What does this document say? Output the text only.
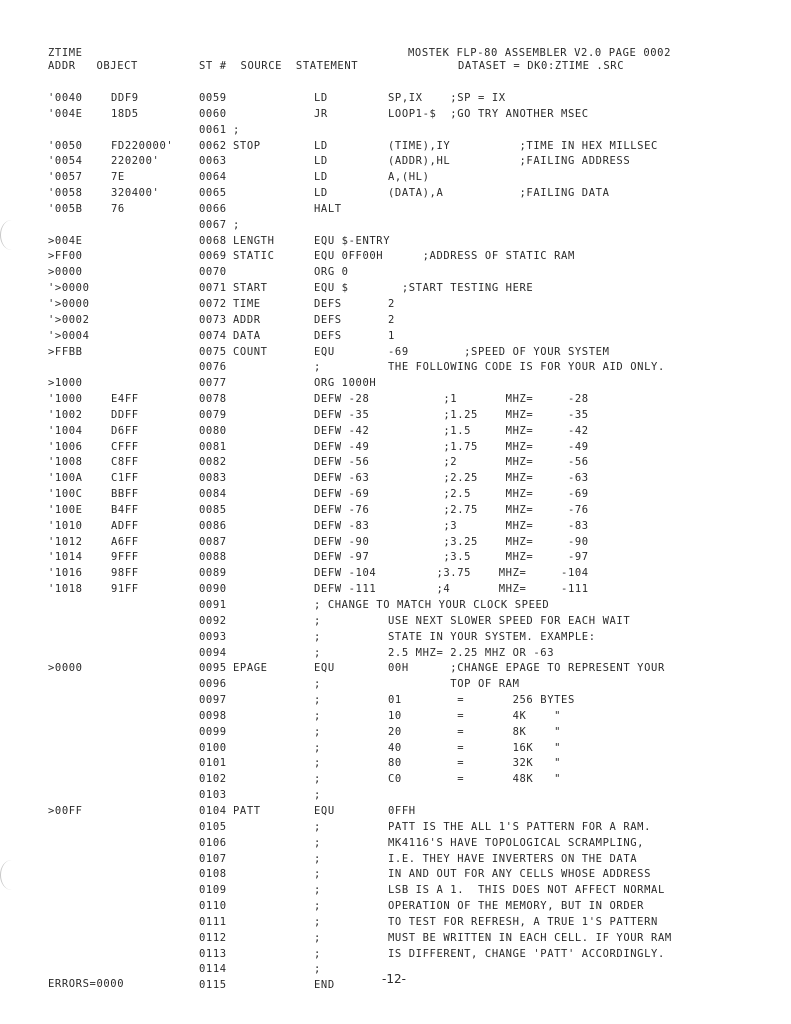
ZTIME
ADDR   OBJECT	ST #  SOURCE  STATEMENT
MOSTEK FLP-80 ASSEMBLER V2.0 PAGE 0002
DATASET = DK0:ZTIME .SRC
'0040	DDF9	0059	LD	SP,IX    ;SP = IX
'004E	18D5	0060	JR	LOOP1-$  ;GO TRY ANOTHER MSEC
0061 ;
'0050	FD220000' 0062 STOP	LD	(TIME),IY          ;TIME IN HEX MILLSEC
'0054	220200'	0063	LD	(ADDR),HL          ;FAILING ADDRESS
'0057	7E	0064	LD	A,(HL)
'0058	320400'	0065	LD	(DATA),A           ;FAILING DATA
'005B	76	0066	HALT
0067 ;
>004E	0068 LENGTH	EQU $-ENTRY
>FF00	0069 STATIC	EQU 0FF00H ;ADDRESS OF STATIC RAM
>0000	0070	ORG 0
'>0000	0071 START	EQU $	;START TESTING HERE
'>0000	0072 TIME	DEFS	2
'>0002	0073 ADDR	DEFS	2
'>0004	0074 DATA	DEFS	1
>FFBB	0075 COUNT	EQU	-69        ;SPEED OF YOUR SYSTEM
0076	;	THE FOLLOWING CODE IS FOR YOUR AID ONLY.
>1000	0077	ORG 1000H
'1000	E4FF	0078	DEFW -28 ;1       MHZ=     -28
'1002	DDFF	0079	DEFW -35 ;1.25    MHZ=     -35
'1004	D6FF	0080	DEFW -42 ;1.5     MHZ=     -42
'1006	CFFF	0081	DEFW -49 ;1.75    MHZ=     -49
'1008	C8FF	0082	DEFW -56 ;2       MHZ=     -56
'100A	C1FF	0083	DEFW -63 ;2.25    MHZ=     -63
'100C	BBFF	0084	DEFW -69 ;2.5     MHZ=     -69
'100E	B4FF	0085	DEFW -76 ;2.75    MHZ=     -76
'1010	ADFF	0086	DEFW -83 ;3       MHZ=     -83
'1012	A6FF	0087	DEFW -90 ;3.25    MHZ=     -90
'1014	9FFF	0088	DEFW -97 ;3.5     MHZ=     -97
'1016	98FF	0089	DEFW -104 ;3.75    MHZ=     -104
'1018	91FF	0090	DEFW -111 ;4       MHZ=     -111
0091	; CHANGE TO MATCH YOUR CLOCK SPEED
0092	;	USE NEXT SLOWER SPEED FOR EACH WAIT
0093	;	STATE IN YOUR SYSTEM. EXAMPLE:
0094	;	2.5 MHZ= 2.25 MHZ OR -63
>0000	0095 EPAGE	EQU	00H      ;CHANGE EPAGE TO REPRESENT YOUR
0096	;	TOP OF RAM
0097	;	01        =       256 BYTES
0098	;	10        =       4K    "
0099	;	20        =       8K    "
0100	;	40        =       16K   "
0101	;	80        =       32K   "
0102	;	C0        =       48K   "
0103	;
>00FF	0104 PATT	EQU	0FFH
0105	;	PATT IS THE ALL 1'S PATTERN FOR A RAM.
0106	;	MK4116'S HAVE TOPOLOGICAL SCRAMPLING,
0107	;	I.E. THEY HAVE INVERTERS ON THE DATA
0108	;	IN AND OUT FOR ANY CELLS WHOSE ADDRESS
0109	;	LSB IS A 1.  THIS DOES NOT AFFECT NORMAL
0110	;	OPERATION OF THE MEMORY, BUT IN ORDER
0111	;	TO TEST FOR REFRESH, A TRUE 1'S PATTERN
0112	;	MUST BE WRITTEN IN EACH CELL. IF YOUR RAM
0113	;	IS DIFFERENT, CHANGE 'PATT' ACCORDINGLY.
0114	;
0115	END
ERRORS=0000	-12-
